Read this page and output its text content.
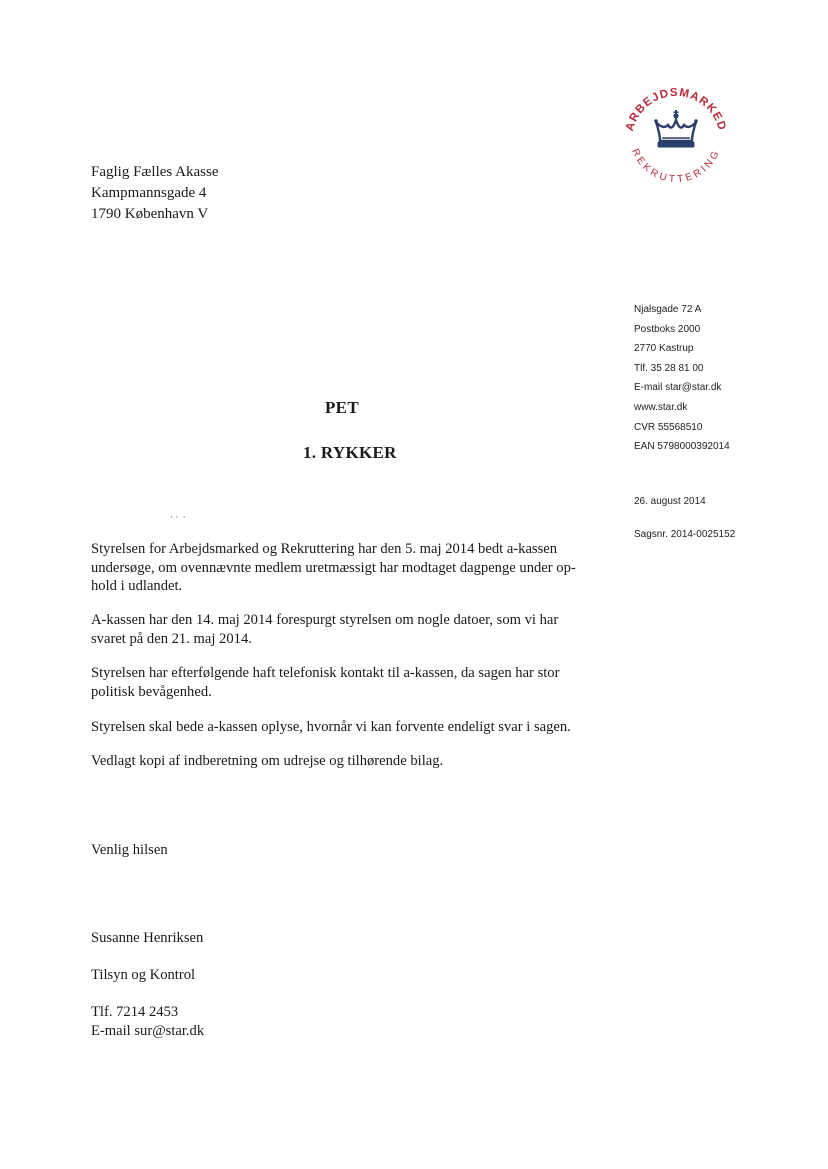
ARBEJDSMARKED
REKRUTTERING
Faglig Fælles Akasse
Kampmannsgade 4
1790 København V
Njalsgade 72 A
Postboks 2000
2770 Kastrup
Tlf. 35 28 81 00
E-mail star@star.dk
www.star.dk
CVR 55568510
EAN 5798000392014
26. august 2014
Sagsnr. 2014-0025152
PET
1. RYKKER
· ·  ·
Styrelsen for Arbejdsmarked og Rekruttering har den 5. maj 2014 bedt a-kassen
undersøge, om ovennævnte medlem uretmæssigt har modtaget dagpenge under op-
hold i udlandet.
A-kassen har den 14. maj 2014 forespurgt styrelsen om nogle datoer, som vi har
svaret på den 21. maj 2014.
Styrelsen har efterfølgende haft telefonisk kontakt til a-kassen, da sagen har stor
politisk bevågenhed.
Styrelsen skal bede a-kassen oplyse, hvornår vi kan forvente endeligt svar i sagen.
Vedlagt kopi af indberetning om udrejse og tilhørende bilag.
Venlig hilsen
Susanne Henriksen
Tilsyn og Kontrol
Tlf. 7214 2453
E-mail sur@star.dk
